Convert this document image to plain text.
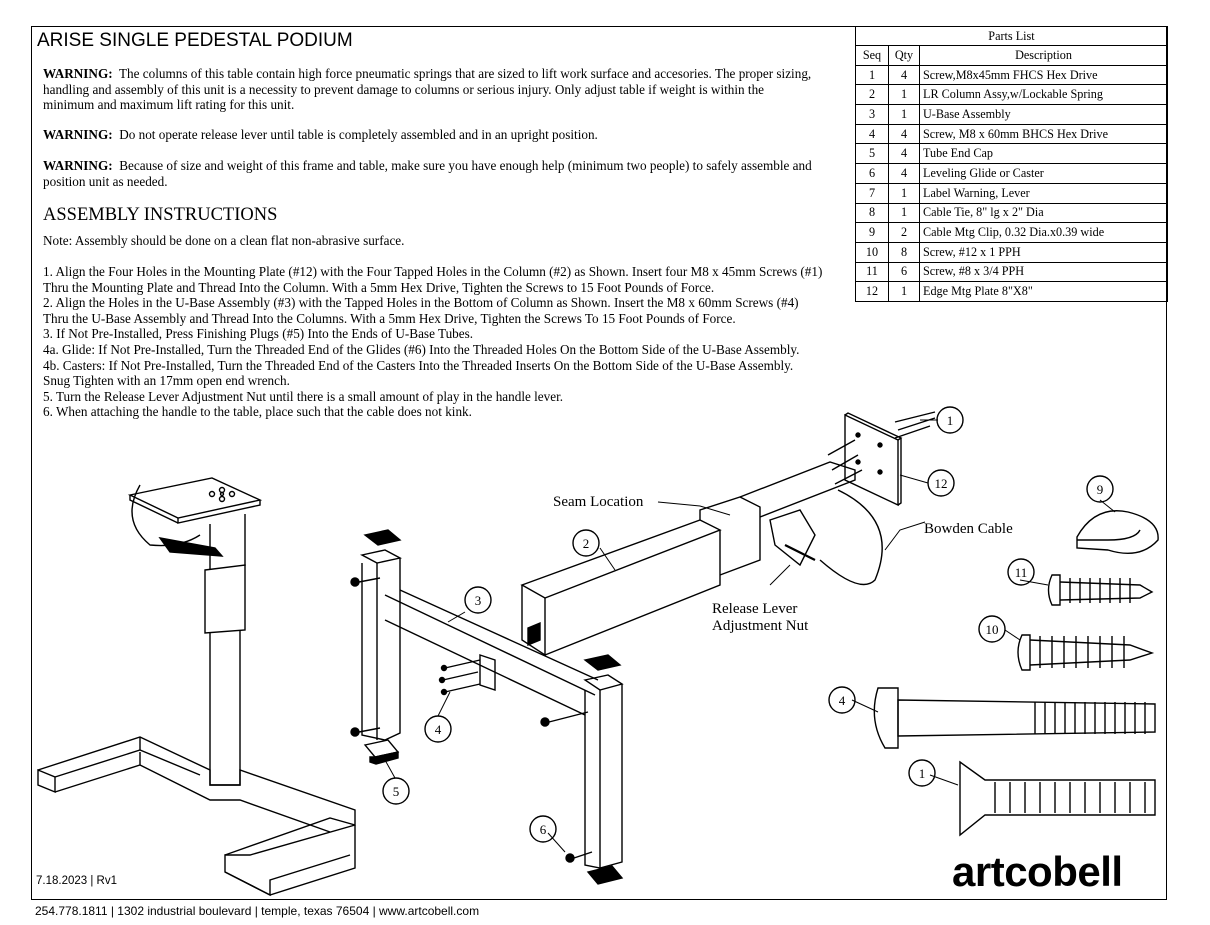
ARISE SINGLE PEDESTAL PODIUM

WARNING: The columns of this table contain high force pneumatic springs that are sized to lift work surface and accesories. The proper sizing, handling and assembly of this unit is a necessity to prevent damage to columns or serious injury. Only adjust table if weight is within the minimum and maximum lift rating for this unit.

WARNING: Do not operate release lever until table is completely assembled and in an upright position.

WARNING: Because of size and weight of this frame and table, make sure you have enough help (minimum two people) to safely assemble and position unit as needed.

ASSEMBLY INSTRUCTIONS
Note: Assembly should be done on a clean flat non-abrasive surface.

1. Align the Four Holes in the Mounting Plate (#12) with the Four Tapped Holes in the Column (#2) as Shown. Insert four M8 x 45mm Screws (#1) Thru the Mounting Plate and Thread Into the Column. With a 5mm Hex Drive, Tighten the Screws to 15 Foot Pounds of Force.

2. Align the Holes in the U-Base Assembly (#3) with the Tapped Holes in the Bottom of Column as Shown. Insert the M8 x 60mm Screws (#4) Thru the U-Base Assembly and Thread Into the Columns. With a 5mm Hex Drive, Tighten the Screws To 15 Foot Pounds of Force.

3. If Not Pre-Installed, Press Finishing Plugs (#5) Into the Ends of U-Base Tubes.

4a. Glide: If Not Pre-Installed, Turn the Threaded End of the Glides (#6) Into the Threaded Holes On the Bottom Side of the U-Base Assembly.

4b. Casters: If Not Pre-Installed, Turn the Threaded End of the Casters Into the Threaded Inserts On the Bottom Side of the U-Base Assembly. Snug Tighten with an 17mm open end wrench.

5. Turn the Release Lever Adjustment Nut until there is a small amount of play in the handle lever.

6. When attaching the handle to the table, place such that the cable does not kink.

Parts List		
Seq	Qty	Description
1	4	Screw,M8x45mm FHCS Hex Drive
2	1	LR Column Assy,w/Lockable Spring
3	1	U-Base Assembly
4	4	Screw, M8 x 60mm BHCS Hex Drive
5	4	Tube End Cap
6	4	Leveling Glide or Caster
7	1	Label Warning, Lever
8	1	Cable Tie, 8" lg x 2" Dia
9	2	Cable Mtg Clip, 0.32 Dia.x0.39 wide
10	8	Screw, #12 x 1 PPH
11	6	Screw, #8 x 3/4 PPH
12	1	Edge Mtg Plate 8"X8"
1
2
3
4
5
6
9
10
11
12
4
1
Seam Location
Bowden Cable
Release Lever
Adjustment Nut
7.18.2023 | Rv1	artcobell
254.778.1811 | 1302 industrial boulevard | temple, texas 76504 | www.artcobell.com
